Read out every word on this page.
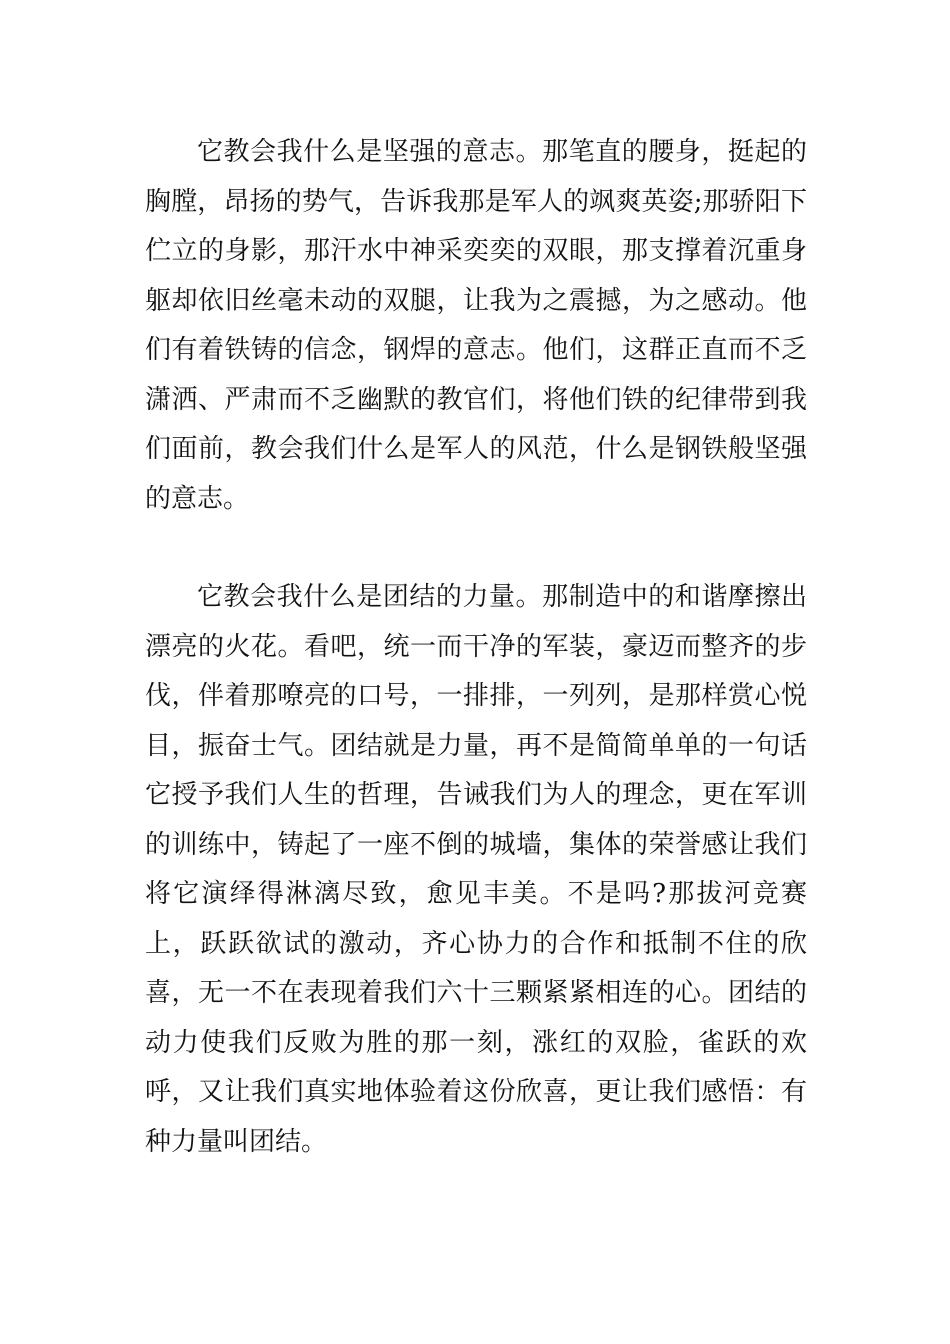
它教会我什么是坚强的意志。那笔直的腰身，挺起的胸膛，昂扬的势气，告诉我那是军人的飒爽英姿;那骄阳下伫立的身影，那汗水中神采奕奕的双眼，那支撑着沉重身躯却依旧丝毫未动的双腿，让我为之震撼，为之感动。他们有着铁铸的信念，钢焊的意志。他们，这群正直而不乏潇洒、严肃而不乏幽默的教官们，将他们铁的纪律带到我们面前，教会我们什么是军人的风范，什么是钢铁般坚强的意志。

它教会我什么是团结的力量。那制造中的和谐摩擦出漂亮的火花。看吧，统一而干净的军装，豪迈而整齐的步伐，伴着那嘹亮的口号，一排排，一列列，是那样赏心悦目，振奋士气。团结就是力量，再不是简简单单的一句话它授予我们人生的哲理，告诫我们为人的理念，更在军训的训练中，铸起了一座不倒的城墙，集体的荣誉感让我们将它演绎得淋漓尽致，愈见丰美。不是吗?那拔河竞赛上，跃跃欲试的激动，齐心协力的合作和抵制不住的欣喜，无一不在表现着我们六十三颗紧紧相连的心。团结的动力使我们反败为胜的那一刻，涨红的双脸，雀跃的欢呼，又让我们真实地体验着这份欣喜，更让我们感悟：有种力量叫团结。
